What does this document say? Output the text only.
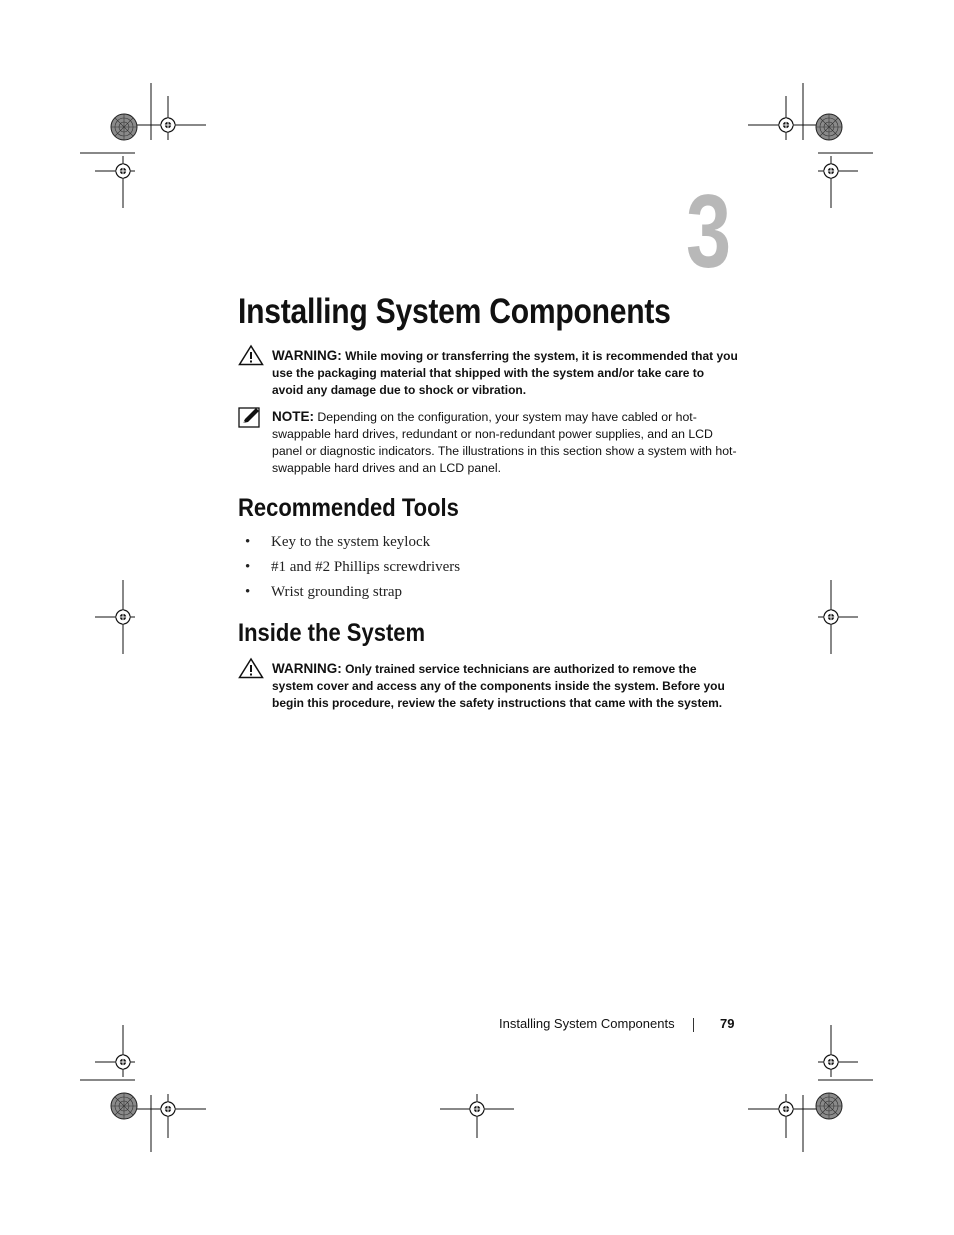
3
Installing System Components
WARNING: While moving or transferring the system, it is recommended that you use the packaging material that shipped with the system and/or take care to avoid any damage due to shock or vibration.
NOTE: Depending on the configuration, your system may have cabled or hot-swappable hard drives, redundant or non-redundant power supplies, and an LCD panel or diagnostic indicators. The illustrations in this section show a system with hot-swappable hard drives and an LCD panel.
Recommended Tools
• Key to the system keylock
• #1 and #2 Phillips screwdrivers
• Wrist grounding strap
Inside the System
WARNING: Only trained service technicians are authorized to remove the system cover and access any of the components inside the system. Before you begin this procedure, review the safety instructions that came with the system.
Installing System Components	79
